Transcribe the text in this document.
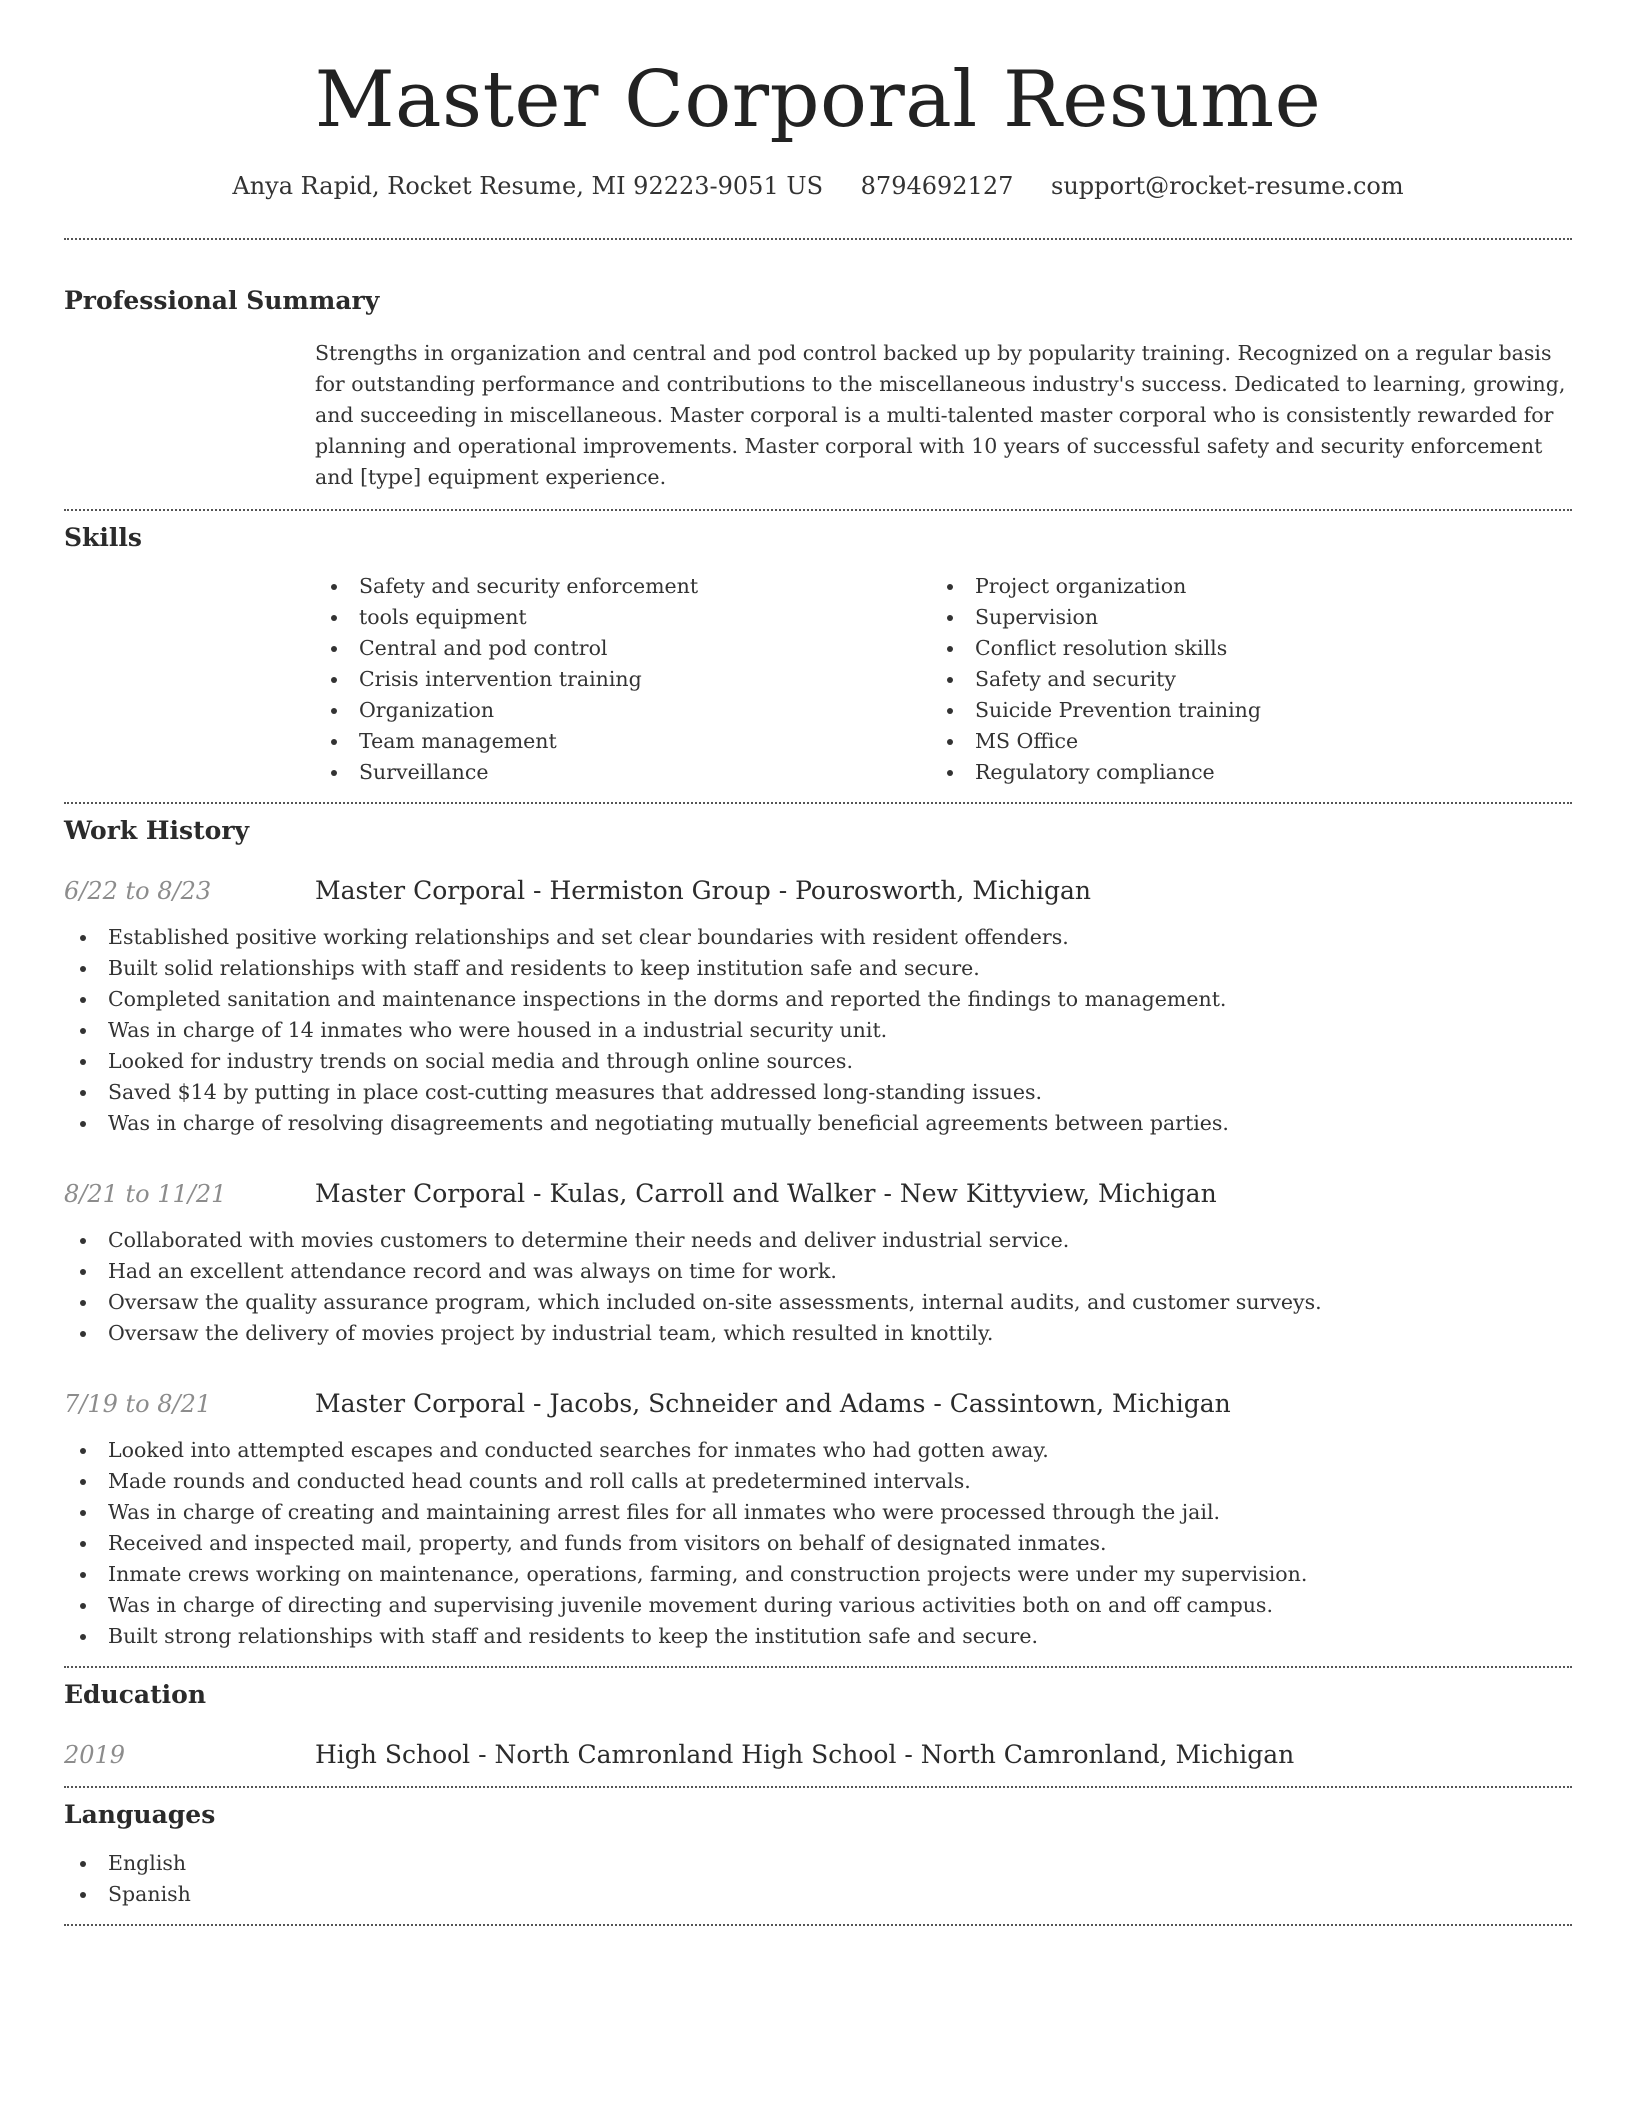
Master Corporal Resume
Anya Rapid, Rocket Resume, MI 92223-9051 US 8794692127 support@rocket-resume.com
Professional Summary

Strengths in organization and central and pod control backed up by popularity training. Recognized on a regular basis for outstanding performance and contributions to the miscellaneous industry's success. Dedicated to learning, growing, and succeeding in miscellaneous. Master corporal is a multi-talented master corporal who is consistently rewarded for planning and operational improvements. Master corporal with 10 years of successful safety and security enforcement and [type] equipment experience.

Skills
Safety and security enforcement
tools equipment
Central and pod control
Crisis intervention training
Organization
Team management
Surveillance
Project organization
Supervision
Conflict resolution skills
Safety and security
Suicide Prevention training
MS Office
Regulatory compliance
Work History
6/22 to 8/23	Master Corporal - Hermiston Group - Pourosworth, Michigan
Established positive working relationships and set clear boundaries with resident offenders.
Built solid relationships with staff and residents to keep institution safe and secure.
Completed sanitation and maintenance inspections in the dorms and reported the findings to management.
Was in charge of 14 inmates who were housed in a industrial security unit.
Looked for industry trends on social media and through online sources.
Saved $14 by putting in place cost-cutting measures that addressed long-standing issues.
Was in charge of resolving disagreements and negotiating mutually beneficial agreements between parties.
8/21 to 11/21	Master Corporal - Kulas, Carroll and Walker - New Kittyview, Michigan
Collaborated with movies customers to determine their needs and deliver industrial service.
Had an excellent attendance record and was always on time for work.
Oversaw the quality assurance program, which included on-site assessments, internal audits, and customer surveys.
Oversaw the delivery of movies project by industrial team, which resulted in knottily.
7/19 to 8/21	Master Corporal - Jacobs, Schneider and Adams - Cassintown, Michigan
Looked into attempted escapes and conducted searches for inmates who had gotten away.
Made rounds and conducted head counts and roll calls at predetermined intervals.
Was in charge of creating and maintaining arrest files for all inmates who were processed through the jail.
Received and inspected mail, property, and funds from visitors on behalf of designated inmates.
Inmate crews working on maintenance, operations, farming, and construction projects were under my supervision.
Was in charge of directing and supervising juvenile movement during various activities both on and off campus.
Built strong relationships with staff and residents to keep the institution safe and secure.
Education
2019	High School - North Camronland High School - North Camronland, Michigan
Languages
English
Spanish
